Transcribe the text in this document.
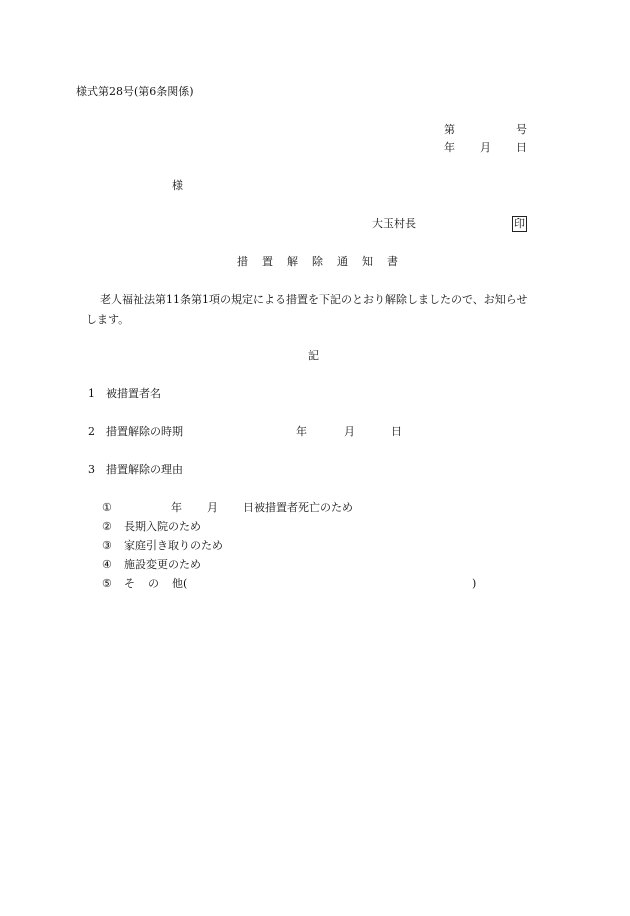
様式第28号(第6条関係)
第	号
年 月 日
様
大玉村長	印
措 置 解 除 通 知 書
老人福祉法第11条第1項の規定による措置を下記のとおり解除しましたので、お知らせ
します。
記
1 被措置者名
2 措置解除の時期	年	月	日
3 措置解除の理由
①	年 月 日被措置者死亡のため
② 長期入院のため
③ 家庭引き取りのため
④ 施設変更のため
⑤ そ の 他(	)
